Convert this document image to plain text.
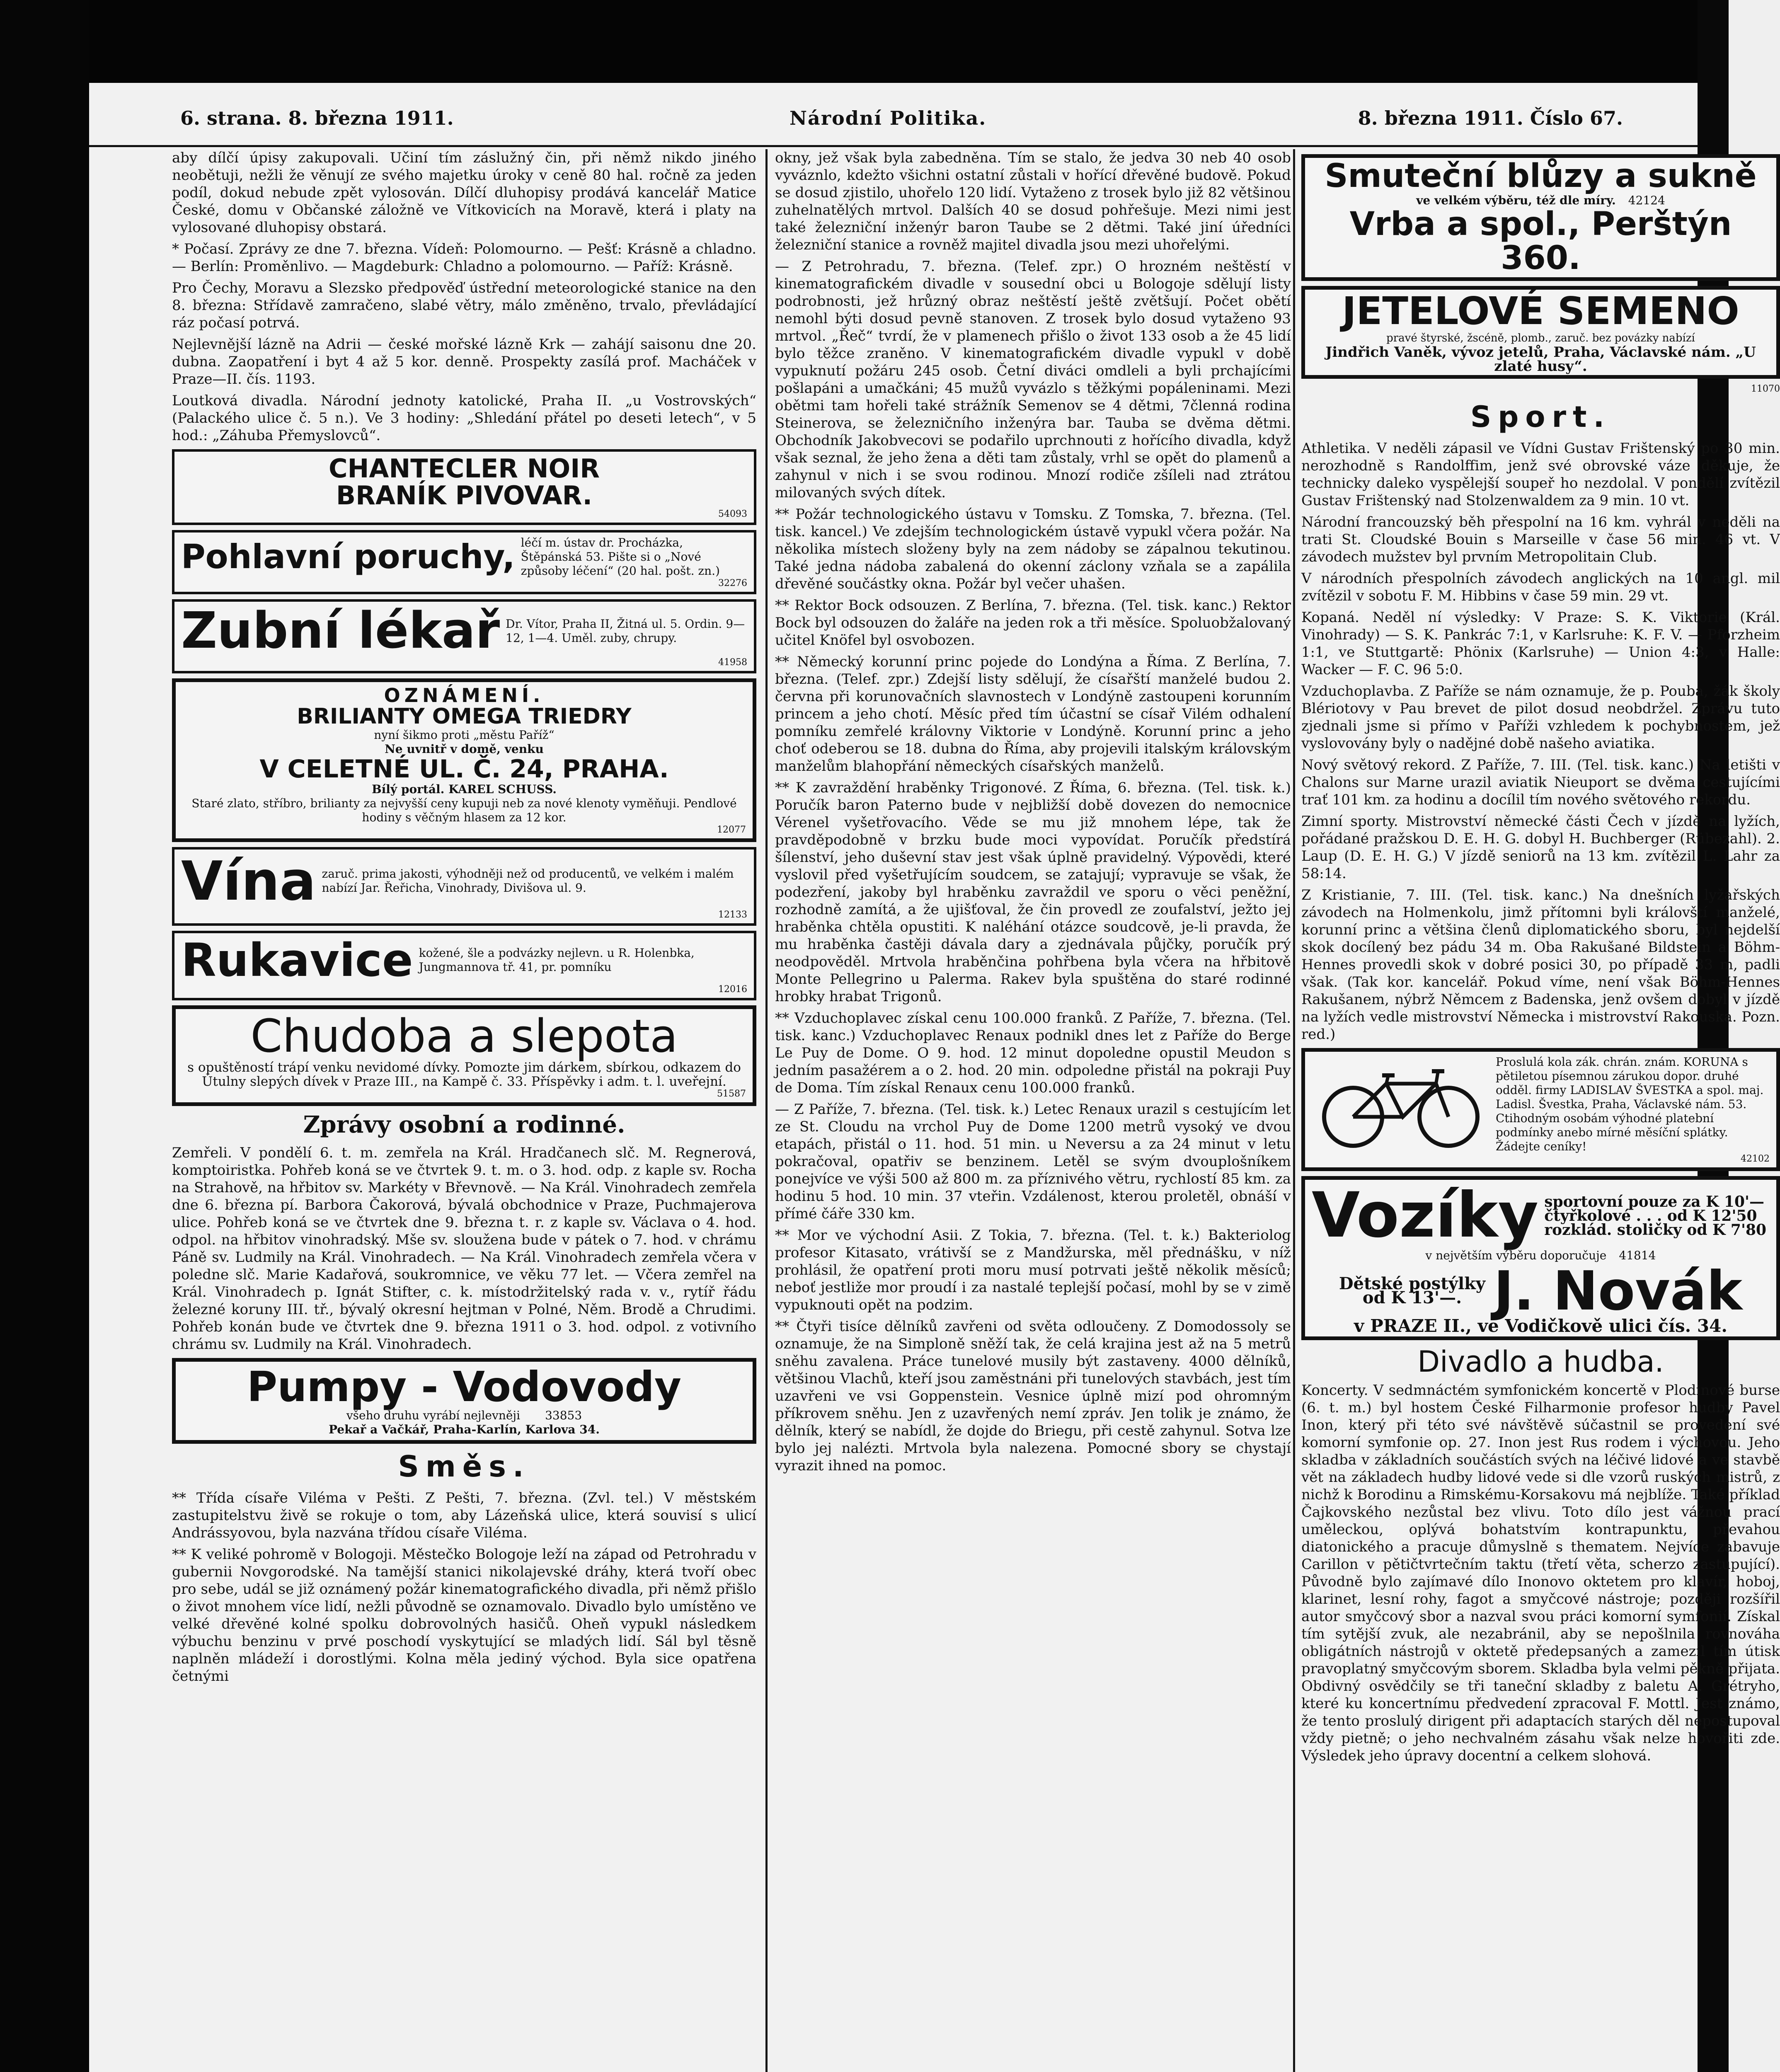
6. strana. 8. března 1911.	Národní Politika.	8. března 1911. Číslo 67.

aby dílčí úpisy zakupovali. Učiní tím záslužný čin, při němž nikdo jiného neobětuji, nežli že věnují ze svého majetku úroky v ceně 80 hal. ročně za jeden podíl, dokud nebude zpět vylosován. Dílčí dluhopisy prodává kancelář Matice České, domu v Občanské záložně ve Vítkovicích na Moravě, která i platy na vylosované dluhopisy obstará.

* Počasí. Zprávy ze dne 7. března. Vídeň: Polomourno. — Pešť: Krásně a chladno. — Berlín: Proměnlivo. — Magdeburk: Chladno a polomourno. — Paříž: Krásně.

Pro Čechy, Moravu a Slezsko předpověď ústřední meteorologické stanice na den 8. března: Střídavě zamračeno, slabé větry, málo změněno, trvalo, převládající ráz počasí potrvá.

Nejlevnější lázně na Adrii — české mořské lázně Krk — zahájí saisonu dne 20. dubna. Zaopatření i byt 4 až 5 kor. denně. Prospekty zasílá prof. Macháček v Praze—II. čís. 1193.

Loutková divadla. Národní jednoty katolické, Praha II. „u Vostrovských“ (Palackého ulice č. 5 n.). Ve 3 hodiny: „Shledání přátel po deseti letech“, v 5 hod.: „Záhuba Přemyslovců“.

CHANTECLER NOIR
BRANÍK PIVOVAR.
54093
Pohlavní poruchy, léčí m. ústav dr. Procházka, Štěpánská 53. Pište si o „Nové způsoby léčení“ (20 hal. pošt. zn.)
32276
Zubní lékař Dr. Vítor, Praha II, Žitná ul. 5. Ordin. 9—12, 1—4. Uměl. zuby, chrupy.
41958
OZNÁMENÍ.
BRILIANTY OMEGA TRIEDRY
nyní šikmo proti „městu Paříž“
Ne uvnitř v domě, venku
V CELETNÉ UL. Č. 24, PRAHA.
Bílý portál. KAREL SCHUSS.
Staré zlato, stříbro, brilianty za nejvyšší ceny kupuji neb za nové klenoty vyměňuji. Pendlové hodiny s věčným hlasem za 12 kor.
12077
Vína zaruč. prima jakosti, výhodněji než od producentů, ve velkém i malém nabízí Jar. Řeřicha, Vinohrady, Divišova ul. 9.
12133
Rukavice kožené, šle a podvázky nejlevn. u R. Holenbka, Jungmannova tř. 41, pr. pomníku
12016
Chudoba a slepota
s opuštěností trápí venku nevidomé dívky. Pomozte jim dárkem, sbírkou, odkazem do Útulny slepých dívek v Praze III., na Kampě č. 33. Příspěvky i adm. t. l. uveřejní.
51587
Zprávy osobní a rodinné.

Zemřeli. V pondělí 6. t. m. zemřela na Král. Hradčanech slč. M. Regnerová, komptoiristka. Pohřeb koná se ve čtvrtek 9. t. m. o 3. hod. odp. z kaple sv. Rocha na Strahově, na hřbitov sv. Markéty v Břevnově. — Na Král. Vinohradech zemřela dne 6. března pí. Barbora Čakorová, bývalá obchodnice v Praze, Puchmajerova ulice. Pohřeb koná se ve čtvrtek dne 9. března t. r. z kaple sv. Václava o 4. hod. odpol. na hřbitov vinohradský. Mše sv. sloužena bude v pátek o 7. hod. v chrámu Páně sv. Ludmily na Král. Vinohradech. — Na Král. Vinohradech zemřela včera v poledne slč. Marie Kadařová, soukromnice, ve věku 77 let. — Včera zemřel na Král. Vinohradech p. Ignát Stifter, c. k. místodržitelský rada v. v., rytíř řádu železné koruny III. tř., bývalý okresní hejtman v Polné, Něm. Brodě a Chrudimi. Pohřeb konán bude ve čtvrtek dne 9. března 1911 o 3. hod. odpol. z votivního chrámu sv. Ludmily na Král. Vinohradech.

Pumpy - Vodovody
všeho druhu vyrábí nejlevněji 33853
Pekař a Vačkář, Praha-Karlín, Karlova 34.
Směs.

** Třída císaře Viléma v Pešti. Z Pešti, 7. března. (Zvl. tel.) V městském zastupitelstvu živě se rokuje o tom, aby Lázeňská ulice, která souvisí s ulicí Andrássyovou, byla nazvána třídou císaře Viléma.

** K veliké pohromě v Bologoji. Městečko Bologoje leží na západ od Petrohradu v gubernii Novgorodské. Na tamější stanici nikolajevské dráhy, která tvoří obec pro sebe, udál se již oznámený požár kinematografického divadla, při němž přišlo o život mnohem více lidí, nežli původně se oznamovalo. Divadlo bylo umístěno ve velké dřevěné kolné spolku dobrovolných hasičů. Oheň vypukl následkem výbuchu benzinu v prvé poschodí vyskytující se mladých lidí. Sál byl těsně naplněn mládeží i dorostlými. Kolna měla jediný východ. Byla sice opatřena četnými

okny, jež však byla zabedněna. Tím se stalo, že jedva 30 neb 40 osob vyváznlo, kdežto všichni ostatní zůstali v hořící dřevěné budově. Pokud se dosud zjistilo, uhořelo 120 lidí. Vytaženo z trosek bylo již 82 většinou zuhelnatělých mrtvol. Dalších 40 se dosud pohřešuje. Mezi nimi jest také železniční inženýr baron Taube se 2 dětmi. Také jiní úředníci železniční stanice a rovněž majitel divadla jsou mezi uhořelými.

— Z Petrohradu, 7. března. (Telef. zpr.) O hrozném neštěstí v kinematografickém divadle v sousední obci u Bologoje sdělují listy podrobnosti, jež hrůzný obraz neštěstí ještě zvětšují. Počet obětí nemohl býti dosud pevně stanoven. Z trosek bylo dosud vytaženo 93 mrtvol. „Řeč“ tvrdí, že v plamenech přišlo o život 133 osob a že 45 lidí bylo těžce zraněno. V kinematografickém divadle vypukl v době vypuknutí požáru 245 osob. Četní diváci omdleli a byli prchajícími pošlapáni a umačkáni; 45 mužů vyvázlo s těžkými popáleninami. Mezi obětmi tam hořeli také strážník Semenov se 4 dětmi, 7členná rodina Steinerova, se železničního inženýra bar. Tauba se dvěma dětmi. Obchodník Jakobvecovi se podařilo uprchnouti z hořícího divadla, když však seznal, že jeho žena a děti tam zůstaly, vrhl se opět do plamenů a zahynul v nich i se svou rodinou. Mnozí rodiče zšíleli nad ztrátou milovaných svých dítek.

** Požár technologického ústavu v Tomsku. Z Tomska, 7. března. (Tel. tisk. kancel.) Ve zdejším technologickém ústavě vypukl včera požár. Na několika místech složeny byly na zem nádoby se zápalnou tekutinou. Také jedna nádoba zabalená do okenní záclony vzňala se a zapálila dřevěné součástky okna. Požár byl večer uhašen.

** Rektor Bock odsouzen. Z Berlína, 7. března. (Tel. tisk. kanc.) Rektor Bock byl odsouzen do žaláře na jeden rok a tři měsíce. Spoluobžalovaný učitel Knöfel byl osvobozen.

** Německý korunní princ pojede do Londýna a Říma. Z Berlína, 7. března. (Telef. zpr.) Zdejší listy sdělují, že císařští manželé budou 2. června při korunovačních slavnostech v Londýně zastoupeni korunním princem a jeho chotí. Měsíc před tím účastní se císař Vilém odhalení pomníku zemřelé královny Viktorie v Londýně. Korunní princ a jeho choť odeberou se 18. dubna do Říma, aby projevili italským královským manželům blahopřání německých císařských manželů.

** K zavraždění hraběnky Trigonové. Z Říma, 6. března. (Tel. tisk. k.) Poručík baron Paterno bude v nejbližší době dovezen do nemocnice Vérenel vyšetřovacího. Věde se mu již mnohem lépe, tak že pravděpodobně v brzku bude moci vypovídat. Poručík předstírá šílenství, jeho duševní stav jest však úplně pravidelný. Výpovědi, které vyslovil před vyšetřujícím soudcem, se zatajují; vypravuje se však, že podezření, jakoby byl hraběnku zavraždil ve sporu o věci peněžní, rozhodně zamítá, a že ujišťoval, že čin provedl ze zoufalství, ježto jej hraběnka chtěla opustiti. K naléhání otázce soudcově, je-li pravda, že mu hraběnka častěji dávala dary a zjednávala půjčky, poručík prý neodpověděl. Mrtvola hraběnčina pohřbena byla včera na hřbitově Monte Pellegrino u Palerma. Rakev byla spuštěna do staré rodinné hrobky hrabat Trigonů.

** Vzduchoplavec získal cenu 100.000 franků. Z Paříže, 7. března. (Tel. tisk. kanc.) Vzduchoplavec Renaux podnikl dnes let z Paříže do Berge Le Puy de Dome. O 9. hod. 12 minut dopoledne opustil Meudon s jedním pasažérem a o 2. hod. 20 min. odpoledne přistál na pokraji Puy de Doma. Tím získal Renaux cenu 100.000 franků.

— Z Paříže, 7. března. (Tel. tisk. k.) Letec Renaux urazil s cestujícím let ze St. Cloudu na vrchol Puy de Dome 1200 metrů vysoký ve dvou etapách, přistál o 11. hod. 51 min. u Neversu a za 24 minut v letu pokračoval, opatřiv se benzinem. Letěl se svým dvouplošníkem ponejvíce ve výši 500 až 800 m. za příznivého větru, rychlostí 85 km. za hodinu 5 hod. 10 min. 37 vteřin. Vzdálenost, kterou proletěl, obnáší v přímé čáře 330 km.

** Mor ve východní Asii. Z Tokia, 7. března. (Tel. t. k.) Bakteriolog profesor Kitasato, vrátivší se z Mandžurska, měl přednášku, v níž prohlásil, že opatření proti moru musí potrvati ještě několik měsíců; neboť jestliže mor proudí i za nastalé teplejší počasí, mohl by se v zimě vypuknouti opět na podzim.

** Čtyři tisíce dělníků zavřeni od světa odloučeny. Z Domodossoly se oznamuje, že na Simploně sněží tak, že celá krajina jest až na 5 metrů sněhu zavalena. Práce tunelové musily být zastaveny. 4000 dělníků, většinou Vlachů, kteří jsou zaměstnáni při tunelových stavbách, jest tím uzavřeni ve vsi Goppenstein. Vesnice úplně mizí pod ohromným příkrovem sněhu. Jen z uzavřených nemí zpráv. Jen tolik je známo, že dělník, který se nabídl, že dojde do Briegu, při cestě zahynul. Sotva lze bylo jej nalézti. Mrtvola byla nalezena. Pomocné sbory se chystají vyrazit ihned na pomoc.

Smuteční blůzy a sukně
ve velkém výběru, též dle míry. 42124
Vrba a spol., Perštýn 360.
JETELOVÉ SEMENO
pravé štyrské, žscéně, plomb., zaruč. bez povázky nabízí
Jindřich Vaněk, vývoz jetelů, Praha, Václavské nám. „U zlaté husy“.
11070
Sport.

Athletika. V neděli zápasil ve Vídni Gustav Frištenský po 30 min. nerozhodně s Randolffim, jenž své obrovské váze děkuje, že technicky daleko vyspělejší soupeř ho nezdolal. V pondělí zvítězil Gustav Frištenský nad Stolzenwaldem za 9 min. 10 vt.

Národní francouzský běh přespolní na 16 km. vyhrál v neděli na trati St. Cloudské Bouin s Marseille v čase 56 min. 46 vt. V závodech mužstev byl prvním Metropolitain Club.

V národních přespolních závodech anglických na 10 angl. mil zvítězil v sobotu F. M. Hibbins v čase 59 min. 29 vt.

Kopaná. Neděl ní výsledky: V Praze: S. K. Viktorie (Král. Vinohrady) — S. K. Pankrác 7:1, v Karlsruhe: K. F. V. — Pforzheim 1:1, ve Stuttgartě: Phönix (Karlsruhe) — Union 4:3, v Halle: Wacker — F. C. 96 5:0.

Vzduchoplavba. Z Paříže se nám oznamuje, že p. Pouba, žák školy Blériotovy v Pau brevet de pilot dosud neobdržel. Zprávu tuto zjednali jsme si přímo v Paříži vzhledem k pochybnostem, jež vyslovovány byly o nadějné době našeho aviatika.

Nový světový rekord. Z Paříže, 7. III. (Tel. tisk. kanc.) Na letišti v Chalons sur Marne urazil aviatik Nieuport se dvěma cestujícími trať 101 km. za hodinu a docílil tím nového světového rekordu.

Zimní sporty. Mistrovství německé části Čech v jízdě na lyžích, pořádané pražskou D. E. H. G. dobyl H. Buchberger (Rübezahl). 2. Laup (D. E. H. G.) V jízdě seniorů na 13 km. zvítězil L. Lahr za 58:14.

Z Kristianie, 7. III. (Tel. tisk. kanc.) Na dnešních lyžařských závodech na Holmenkolu, jimž přítomni byli královští manželé, korunní princ a většina členů diplomatického sboru, byl nejdelší skok docílený bez pádu 34 m. Oba Rakušané Bildstein a Böhm-Hennes provedli skok v dobré posici 30, po případě 33 m, padli však. (Tak kor. kancelář. Pokud víme, není však Böhm-Hennes Rakušanem, nýbrž Němcem z Badenska, jenž ovšem dobyl v jízdě na lyžích vedle mistrovství Německa i mistrovství Rakouska. Pozn. red.)

Proslulá kola zák. chrán. znám. KORUNA s pětiletou písemnou zárukou dopor. druhé odděl. firmy LADISLAV ŠVESTKA a spol. maj. Ladisl. Švestka, Praha, Václavské nám. 53. Ctihodným osobám výhodné platební podmínky anebo mírné měsíční splátky. Žádejte ceníky!
42102
Vozíky sportovní pouze za K 10'—
čtyřkolové . . . od K 12'50
rozklád. stoličky od K 7'80
v největším výběru doporučuje 41814
Dětské postýlky
od K 13'—. J. Novák
v PRAZE II., ve Vodičkově ulici čís. 34.
Divadlo a hudba.

Koncerty. V sedmnáctém symfonickém koncertě v Plodinové burse (6. t. m.) byl hostem České Filharmonie profesor hudby Pavel Inon, který při této své návštěvě súčastnil se provedení své komorní symfonie op. 27. Inon jest Rus rodem i výchovou. Jeho skladba v základních součástích svých na léčivé lidové a ve stavbě vět na základech hudby lidové vede si dle vzorů ruských mistrů, z nichž k Borodinu a Rimskému-Korsakovu má nejblíže. Také příklad Čajkovského nezůstal bez vlivu. Toto dílo jest vážnou prací uměleckou, oplývá bohatstvím kontrapunktu, převahou diatonického a pracuje důmyslně s thematem. Nejvíce zabavuje Carillon v pětičtvrtečním taktu (třetí věta, scherzo zastupující). Původně bylo zajímavé dílo Inonovo oktetem pro klavír, hoboj, klarinet, lesní rohy, fagot a smyčcové nástroje; později rozšířil autor smyčcový sbor a nazval svou práci komorní symfonií. Získal tím sytější zvuk, ale nezabránil, aby se nepošlnila rovnováha obligátních nástrojů v oktetě předepsaných a zamezil tím útisk pravoplatný smyčcovým sborem. Skladba byla velmi pěkně přijata. Obdivný osvědčily se tři taneční skladby z baletu A. Grétryho, které ku koncertnímu předvedení zpracoval F. Mottl. Jest známo, že tento proslulý dirigent při adaptacích starých děl nepostupoval vždy pietně; o jeho nechvalném zásahu však nelze hovořiti zde. Výsledek jeho úpravy docentní a celkem slohová.
